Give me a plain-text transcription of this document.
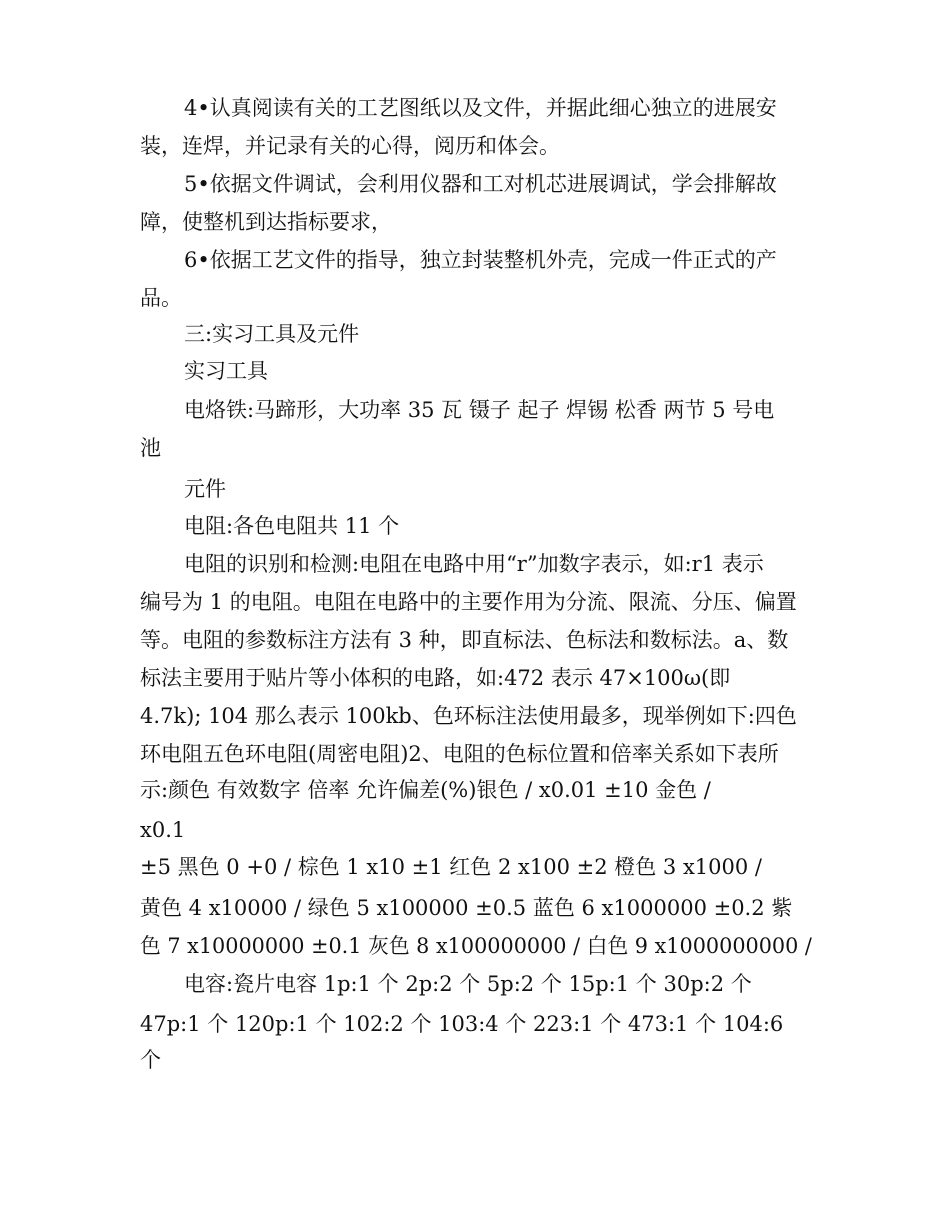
4•认真阅读有关的工艺图纸以及文件，并据此细心独立的进展安
装，连焊，并记录有关的心得，阅历和体会。
5•依据文件调试，会利用仪器和工对机芯进展调试，学会排解故
障，使整机到达指标要求，
6•依据工艺文件的指导，独立封装整机外壳，完成一件正式的产
品。
三:实习工具及元件
实习工具
电烙铁:马蹄形，大功率 35 瓦 镊子 起子 焊锡 松香 两节 5 号电
池
元件
电阻:各色电阻共 11 个
电阻的识别和检测:电阻在电路中用“r”加数字表示，如:r1 表示
编号为 1 的电阻。电阻在电路中的主要作用为分流、限流、分压、偏置
等。电阻的参数标注方法有 3 种，即直标法、色标法和数标法。a、数
标法主要用于贴片等小体积的电路，如:472 表示 47×100ω(即
4.7k); 104 那么表示 100kb、色环标注法使用最多，现举例如下:四色
环电阻五色环电阻(周密电阻)2、电阻的色标位置和倍率关系如下表所
示:颜色 有效数字 倍率 允许偏差(%)银色 / x0.01 ±10 金色 /
x0.1
±5 黑色 0 +0 / 棕色 1 x10 ±1 红色 2 x100 ±2 橙色 3 x1000 /
黄色 4 x10000 / 绿色 5 x100000 ±0.5 蓝色 6 x1000000 ±0.2 紫
色 7 x10000000 ±0.1 灰色 8 x100000000 / 白色 9 x1000000000 /
电容:瓷片电容 1p:1 个 2p:2 个 5p:2 个 15p:1 个 30p:2 个
47p:1 个 120p:1 个 102:2 个 103:4 个 223:1 个 473:1 个 104:6
个
